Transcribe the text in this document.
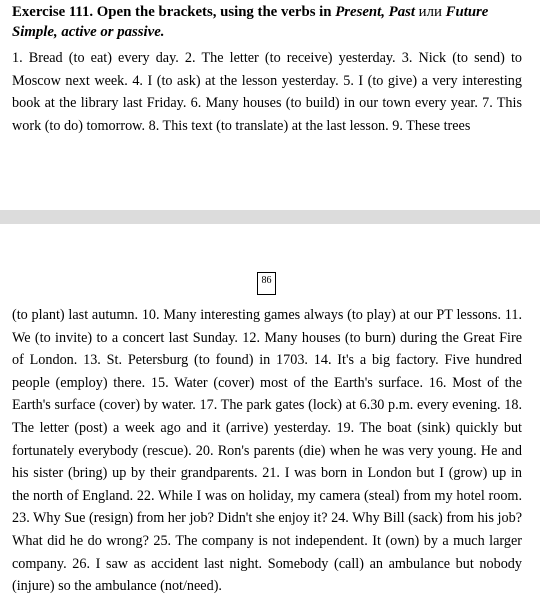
Exercise 111. Open the brackets, using the verbs in Present, Past или Future
Simple, active or passive.
1. Bread (to eat) every day. 2. The letter (to receive) yesterday. 3. Nick (to send) to Moscow next week. 4. I (to ask) at the lesson yesterday. 5. I (to give) a very interesting book at the library last Friday. 6. Many houses (to build) in our town every year. 7. This work (to do) tomorrow. 8. This text (to translate) at the last lesson. 9. These trees
86
(to plant) last autumn. 10. Many interesting games always (to play) at our PT lessons. 11. We (to invite) to a concert last Sunday. 12. Many houses (to burn) during the Great Fire of London. 13. St. Petersburg (to found) in 1703. 14. It's a big factory. Five hundred people (employ) there. 15. Water (cover) most of the Earth's surface. 16. Most of the Earth's surface (cover) by water. 17. The park gates (lock) at 6.30 p.m. every evening. 18. The letter (post) a week ago and it (arrive) yesterday. 19. The boat (sink) quickly but fortunately everybody (rescue). 20. Ron's parents (die) when he was very young. He and his sister (bring) up by their grandparents. 21. I was born in London but I (grow) up in the north of England. 22. While I was on holiday, my camera (steal) from my hotel room. 23. Why Sue (resign) from her job? Didn't she enjoy it? 24. Why Bill (sack) from his job? What did he do wrong? 25. The company is not independent. It (own) by a much larger company. 26. I saw as accident last night. Somebody (call) an ambulance but nobody (injure) so the ambulance (not/need).
